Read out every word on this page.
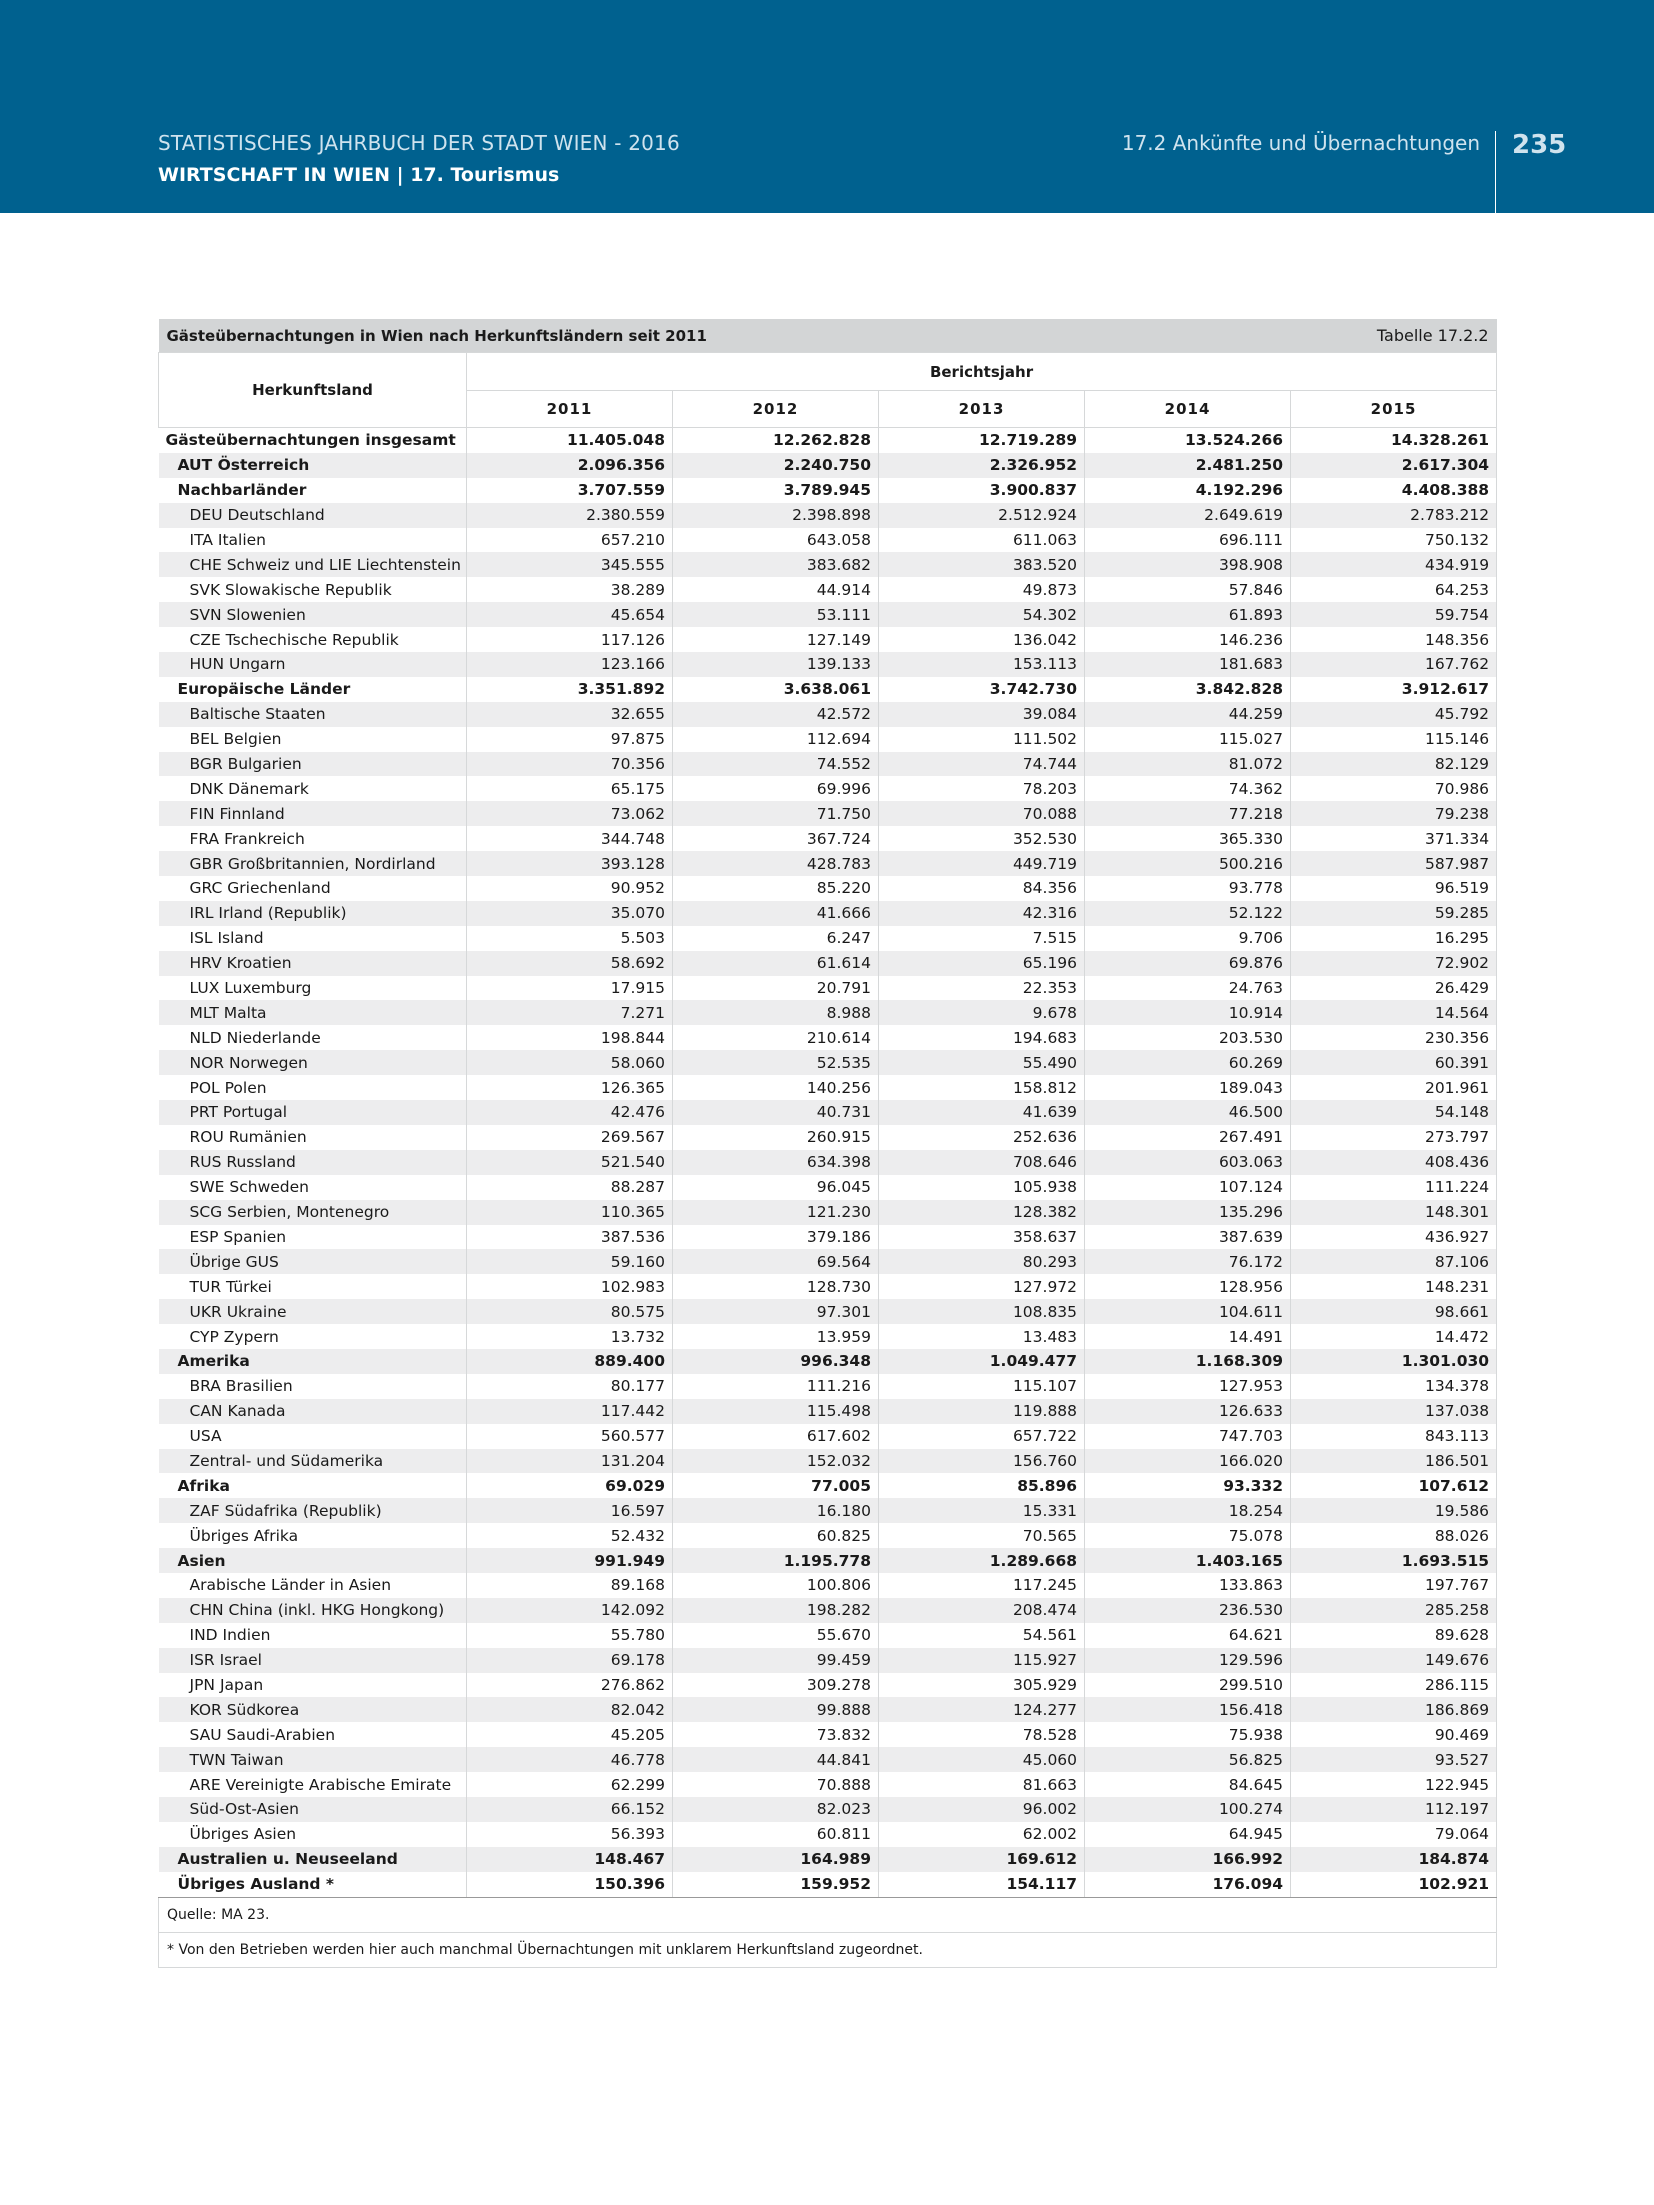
STATISTISCHES JAHRBUCH DER STADT WIEN - 2016
WIRTSCHAFT IN WIEN | 17. Tourismus
17.2 Ankünfte und Übernachtungen 235
Gästeübernachtungen in Wien nach Herkunftsländern seit 2011				Tabelle 17.2.2	
Herkunftsland	Berichtsjahr				
	2011	2012	2013	2014	2015
Gästeübernachtungen insgesamt	11.405.048	12.262.828	12.719.289	13.524.266	14.328.261
AUT Österreich	2.096.356	2.240.750	2.326.952	2.481.250	2.617.304
Nachbarländer	3.707.559	3.789.945	3.900.837	4.192.296	4.408.388
DEU Deutschland	2.380.559	2.398.898	2.512.924	2.649.619	2.783.212
ITA Italien	657.210	643.058	611.063	696.111	750.132
CHE Schweiz und LIE Liechtenstein	345.555	383.682	383.520	398.908	434.919
SVK Slowakische Republik	38.289	44.914	49.873	57.846	64.253
SVN Slowenien	45.654	53.111	54.302	61.893	59.754
CZE Tschechische Republik	117.126	127.149	136.042	146.236	148.356
HUN Ungarn	123.166	139.133	153.113	181.683	167.762
Europäische Länder	3.351.892	3.638.061	3.742.730	3.842.828	3.912.617
Baltische Staaten	32.655	42.572	39.084	44.259	45.792
BEL Belgien	97.875	112.694	111.502	115.027	115.146
BGR Bulgarien	70.356	74.552	74.744	81.072	82.129
DNK Dänemark	65.175	69.996	78.203	74.362	70.986
FIN Finnland	73.062	71.750	70.088	77.218	79.238
FRA Frankreich	344.748	367.724	352.530	365.330	371.334
GBR Großbritannien, Nordirland	393.128	428.783	449.719	500.216	587.987
GRC Griechenland	90.952	85.220	84.356	93.778	96.519
IRL Irland (Republik)	35.070	41.666	42.316	52.122	59.285
ISL Island	5.503	6.247	7.515	9.706	16.295
HRV Kroatien	58.692	61.614	65.196	69.876	72.902
LUX Luxemburg	17.915	20.791	22.353	24.763	26.429
MLT Malta	7.271	8.988	9.678	10.914	14.564
NLD Niederlande	198.844	210.614	194.683	203.530	230.356
NOR Norwegen	58.060	52.535	55.490	60.269	60.391
POL Polen	126.365	140.256	158.812	189.043	201.961
PRT Portugal	42.476	40.731	41.639	46.500	54.148
ROU Rumänien	269.567	260.915	252.636	267.491	273.797
RUS Russland	521.540	634.398	708.646	603.063	408.436
SWE Schweden	88.287	96.045	105.938	107.124	111.224
SCG Serbien, Montenegro	110.365	121.230	128.382	135.296	148.301
ESP Spanien	387.536	379.186	358.637	387.639	436.927
Übrige GUS	59.160	69.564	80.293	76.172	87.106
TUR Türkei	102.983	128.730	127.972	128.956	148.231
UKR Ukraine	80.575	97.301	108.835	104.611	98.661
CYP Zypern	13.732	13.959	13.483	14.491	14.472
Amerika	889.400	996.348	1.049.477	1.168.309	1.301.030
BRA Brasilien	80.177	111.216	115.107	127.953	134.378
CAN Kanada	117.442	115.498	119.888	126.633	137.038
USA	560.577	617.602	657.722	747.703	843.113
Zentral- und Südamerika	131.204	152.032	156.760	166.020	186.501
Afrika	69.029	77.005	85.896	93.332	107.612
ZAF Südafrika (Republik)	16.597	16.180	15.331	18.254	19.586
Übriges Afrika	52.432	60.825	70.565	75.078	88.026
Asien	991.949	1.195.778	1.289.668	1.403.165	1.693.515
Arabische Länder in Asien	89.168	100.806	117.245	133.863	197.767
CHN China (inkl. HKG Hongkong)	142.092	198.282	208.474	236.530	285.258
IND Indien	55.780	55.670	54.561	64.621	89.628
ISR Israel	69.178	99.459	115.927	129.596	149.676
JPN Japan	276.862	309.278	305.929	299.510	286.115
KOR Südkorea	82.042	99.888	124.277	156.418	186.869
SAU Saudi-Arabien	45.205	73.832	78.528	75.938	90.469
TWN Taiwan	46.778	44.841	45.060	56.825	93.527
ARE Vereinigte Arabische Emirate	62.299	70.888	81.663	84.645	122.945
Süd-Ost-Asien	66.152	82.023	96.002	100.274	112.197
Übriges Asien	56.393	60.811	62.002	64.945	79.064
Australien u. Neuseeland	148.467	164.989	169.612	166.992	184.874
Übriges Ausland *	150.396	159.952	154.117	176.094	102.921
Quelle: MA 23.					
* Von den Betrieben werden hier auch manchmal Übernachtungen mit unklarem Herkunftsland zugeordnet.					
